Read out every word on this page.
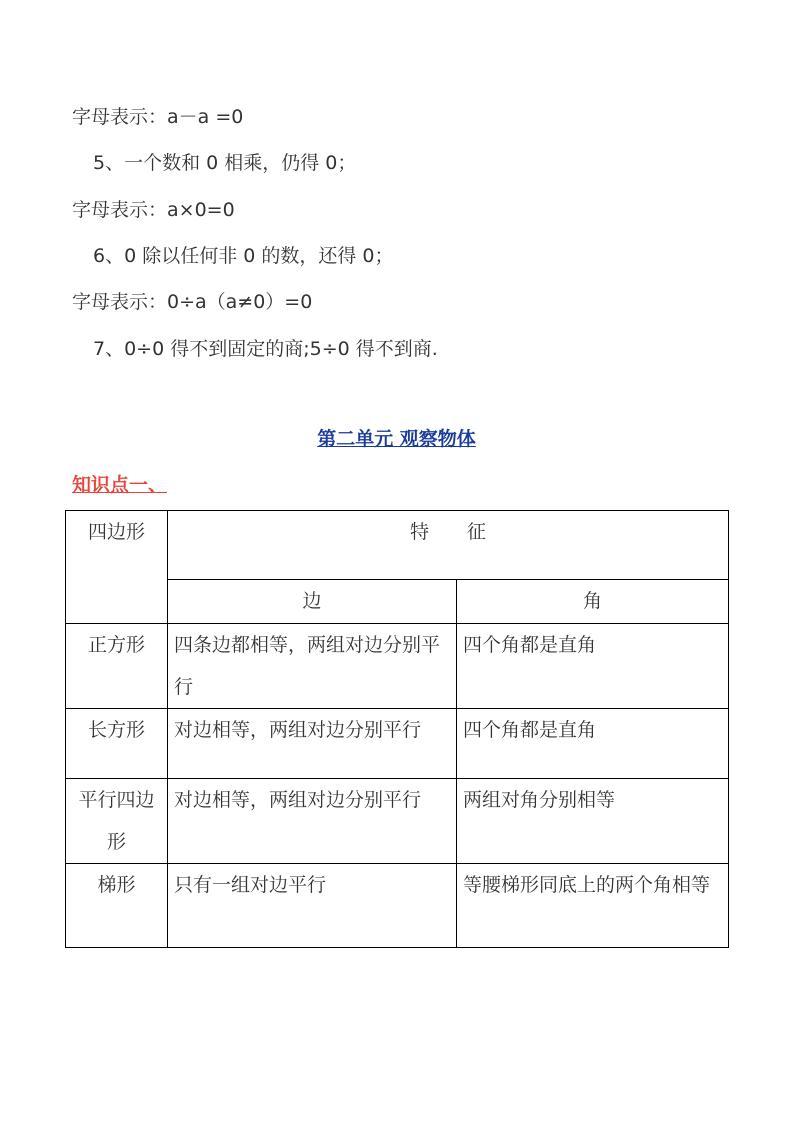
字母表示：a－a =0
5、一个数和 0 相乘，仍得 0；
字母表示：a×0=0
6、0 除以任何非 0 的数，还得 0；
字母表示：0÷a（a≠0）=0
7、0÷0 得不到固定的商;5÷0 得不到商.
第二单元 观察物体
知识点一、
四边形	特　　征	
	边	角
正方形	四条边都相等，两组对边分别平行	四个角都是直角
长方形	对边相等，两组对边分别平行	四个角都是直角
平行四边形	对边相等，两组对边分别平行	两组对角分别相等
梯形	只有一组对边平行	等腰梯形同底上的两个角相等
